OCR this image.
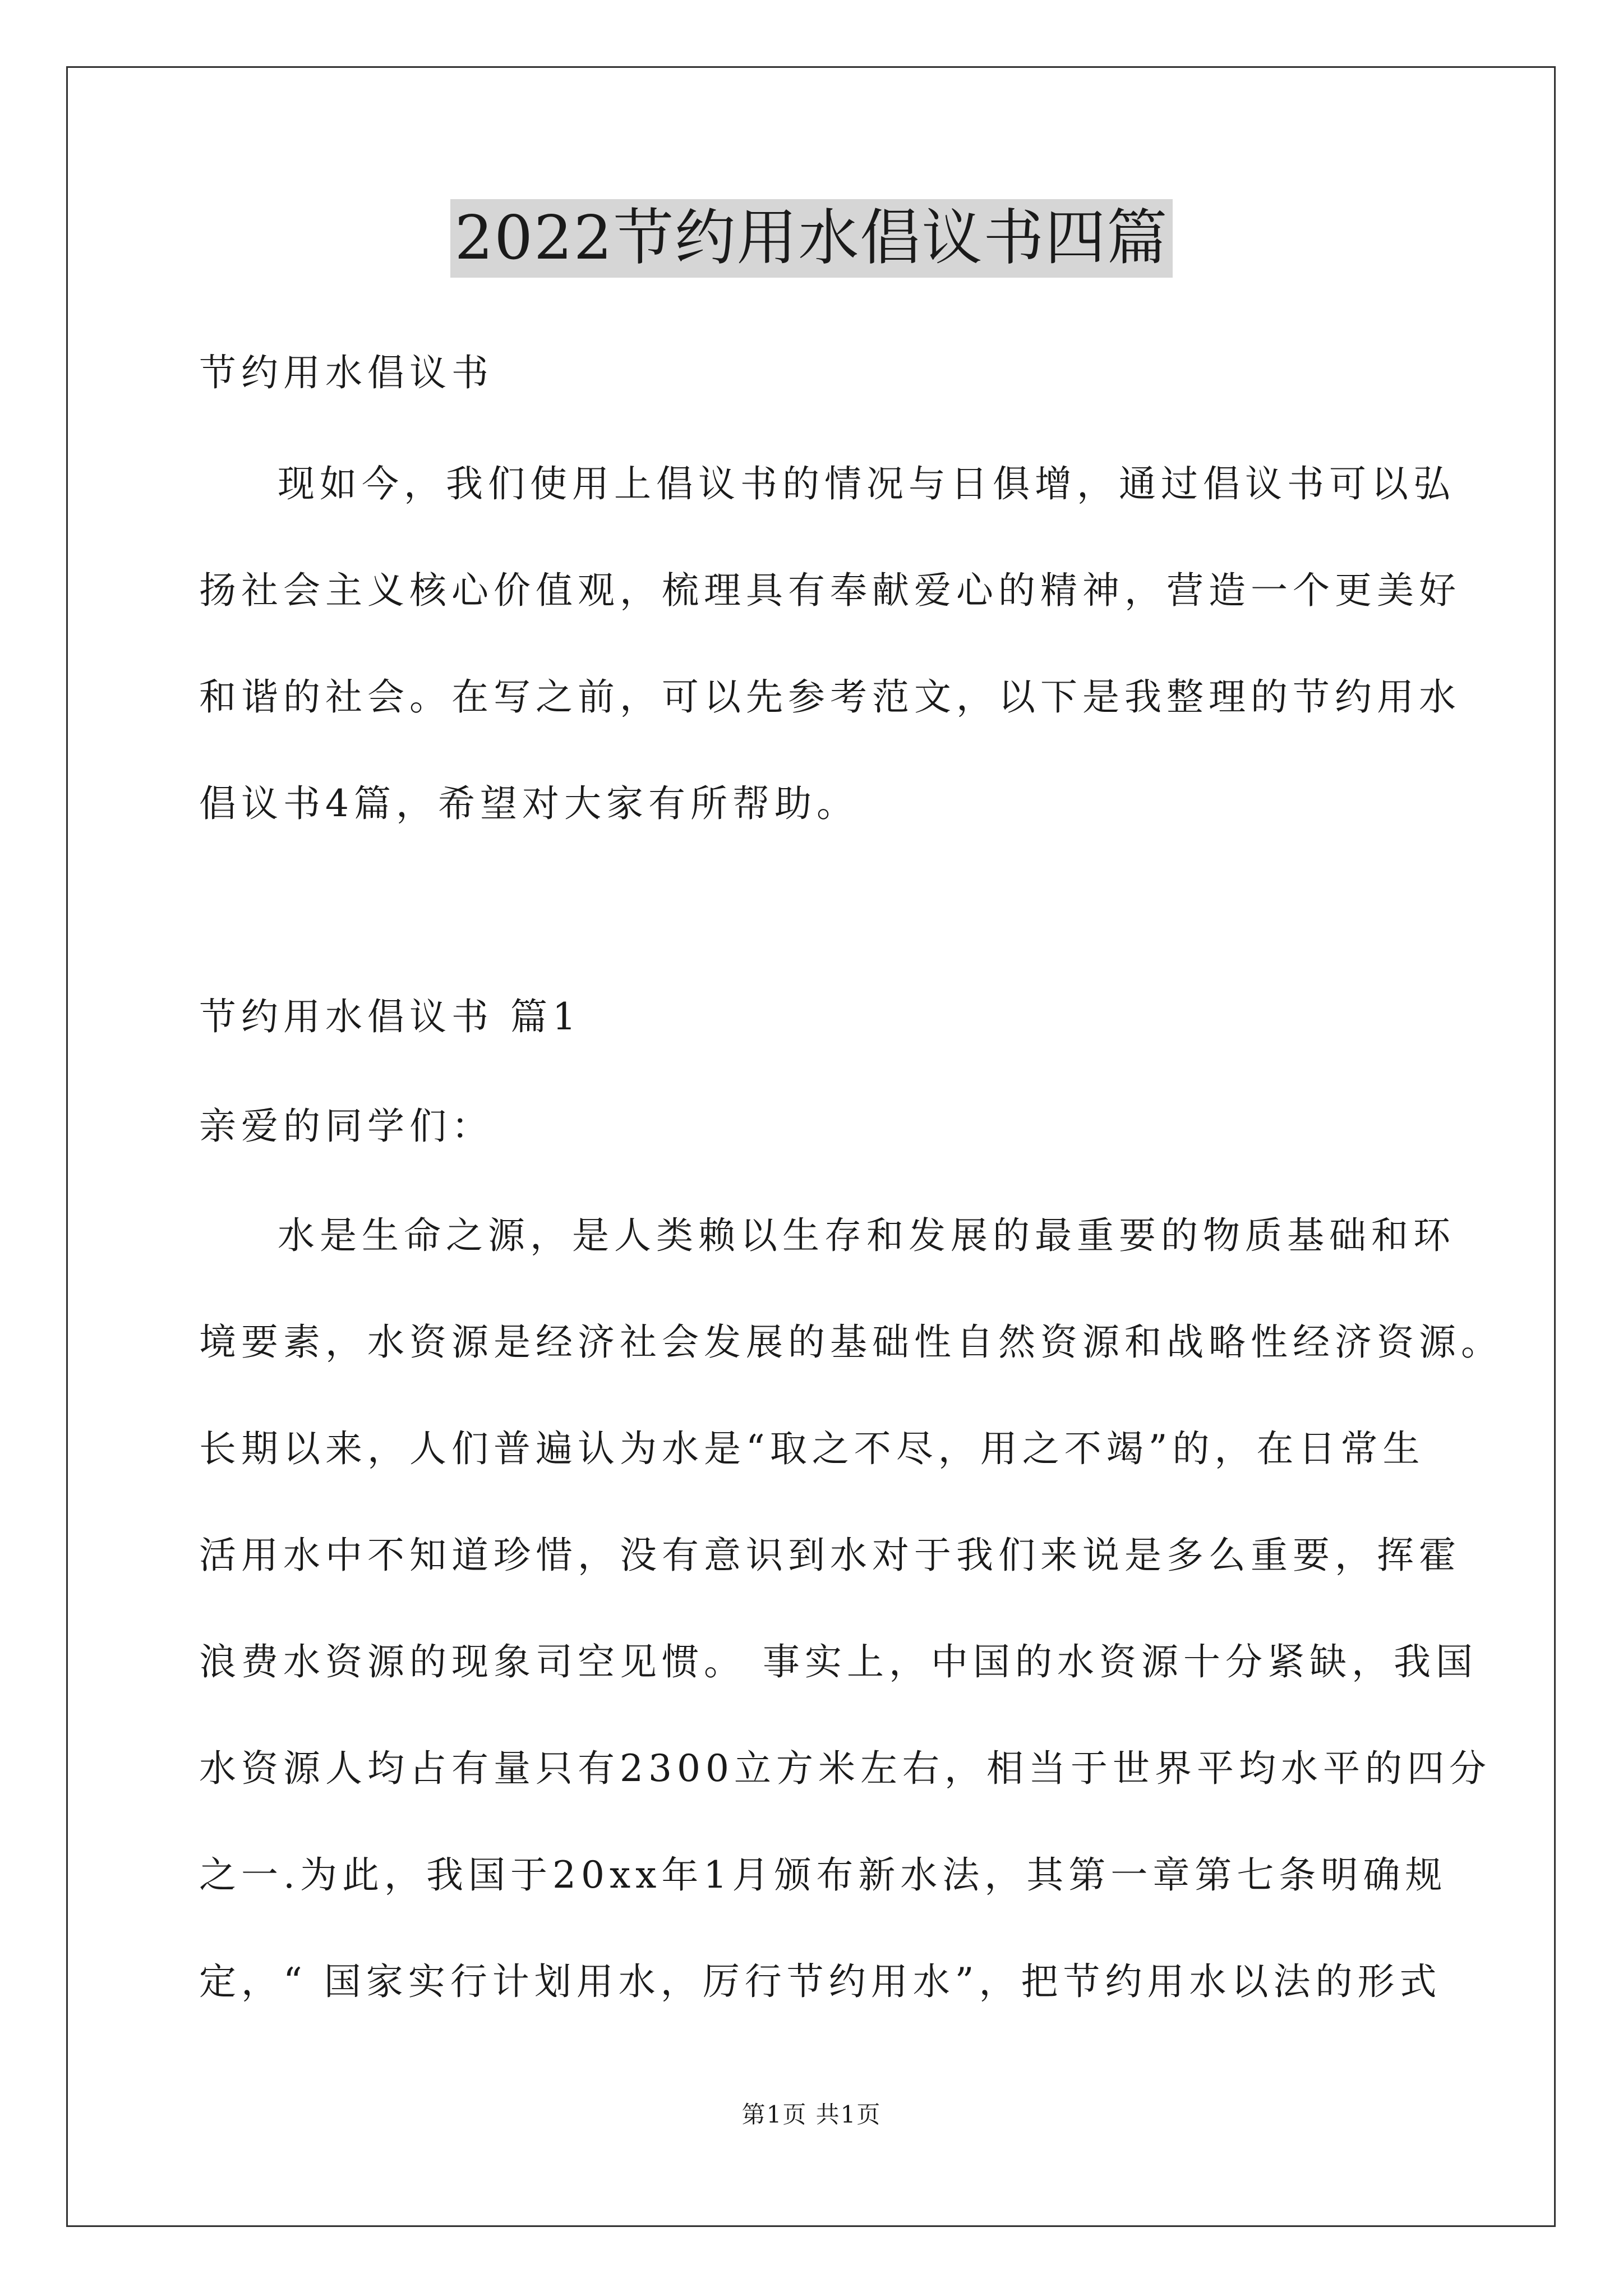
2022节约用水倡议书四篇
节约用水倡议书
现如今，我们使用上倡议书的情况与日俱增，通过倡议书可以弘
扬社会主义核心价值观，梳理具有奉献爱心的精神，营造一个更美好
和谐的社会。在写之前，可以先参考范文，以下是我整理的节约用水
倡议书4篇，希望对大家有所帮助。
节约用水倡议书 篇1
亲爱的同学们：
水是生命之源，是人类赖以生存和发展的最重要的物质基础和环
境要素，水资源是经济社会发展的基础性自然资源和战略性经济资源。
长期以来，人们普遍认为水是“取之不尽，用之不竭”的，在日常生
活用水中不知道珍惜，没有意识到水对于我们来说是多么重要，挥霍
浪费水资源的现象司空见惯。 事实上，中国的水资源十分紧缺，我国
水资源人均占有量只有2300立方米左右，相当于世界平均水平的四分
之一.为此，我国于20xx年1月颁布新水法，其第一章第七条明确规
定，“ 国家实行计划用水，厉行节约用水”，把节约用水以法的形式
第1页 共1页
